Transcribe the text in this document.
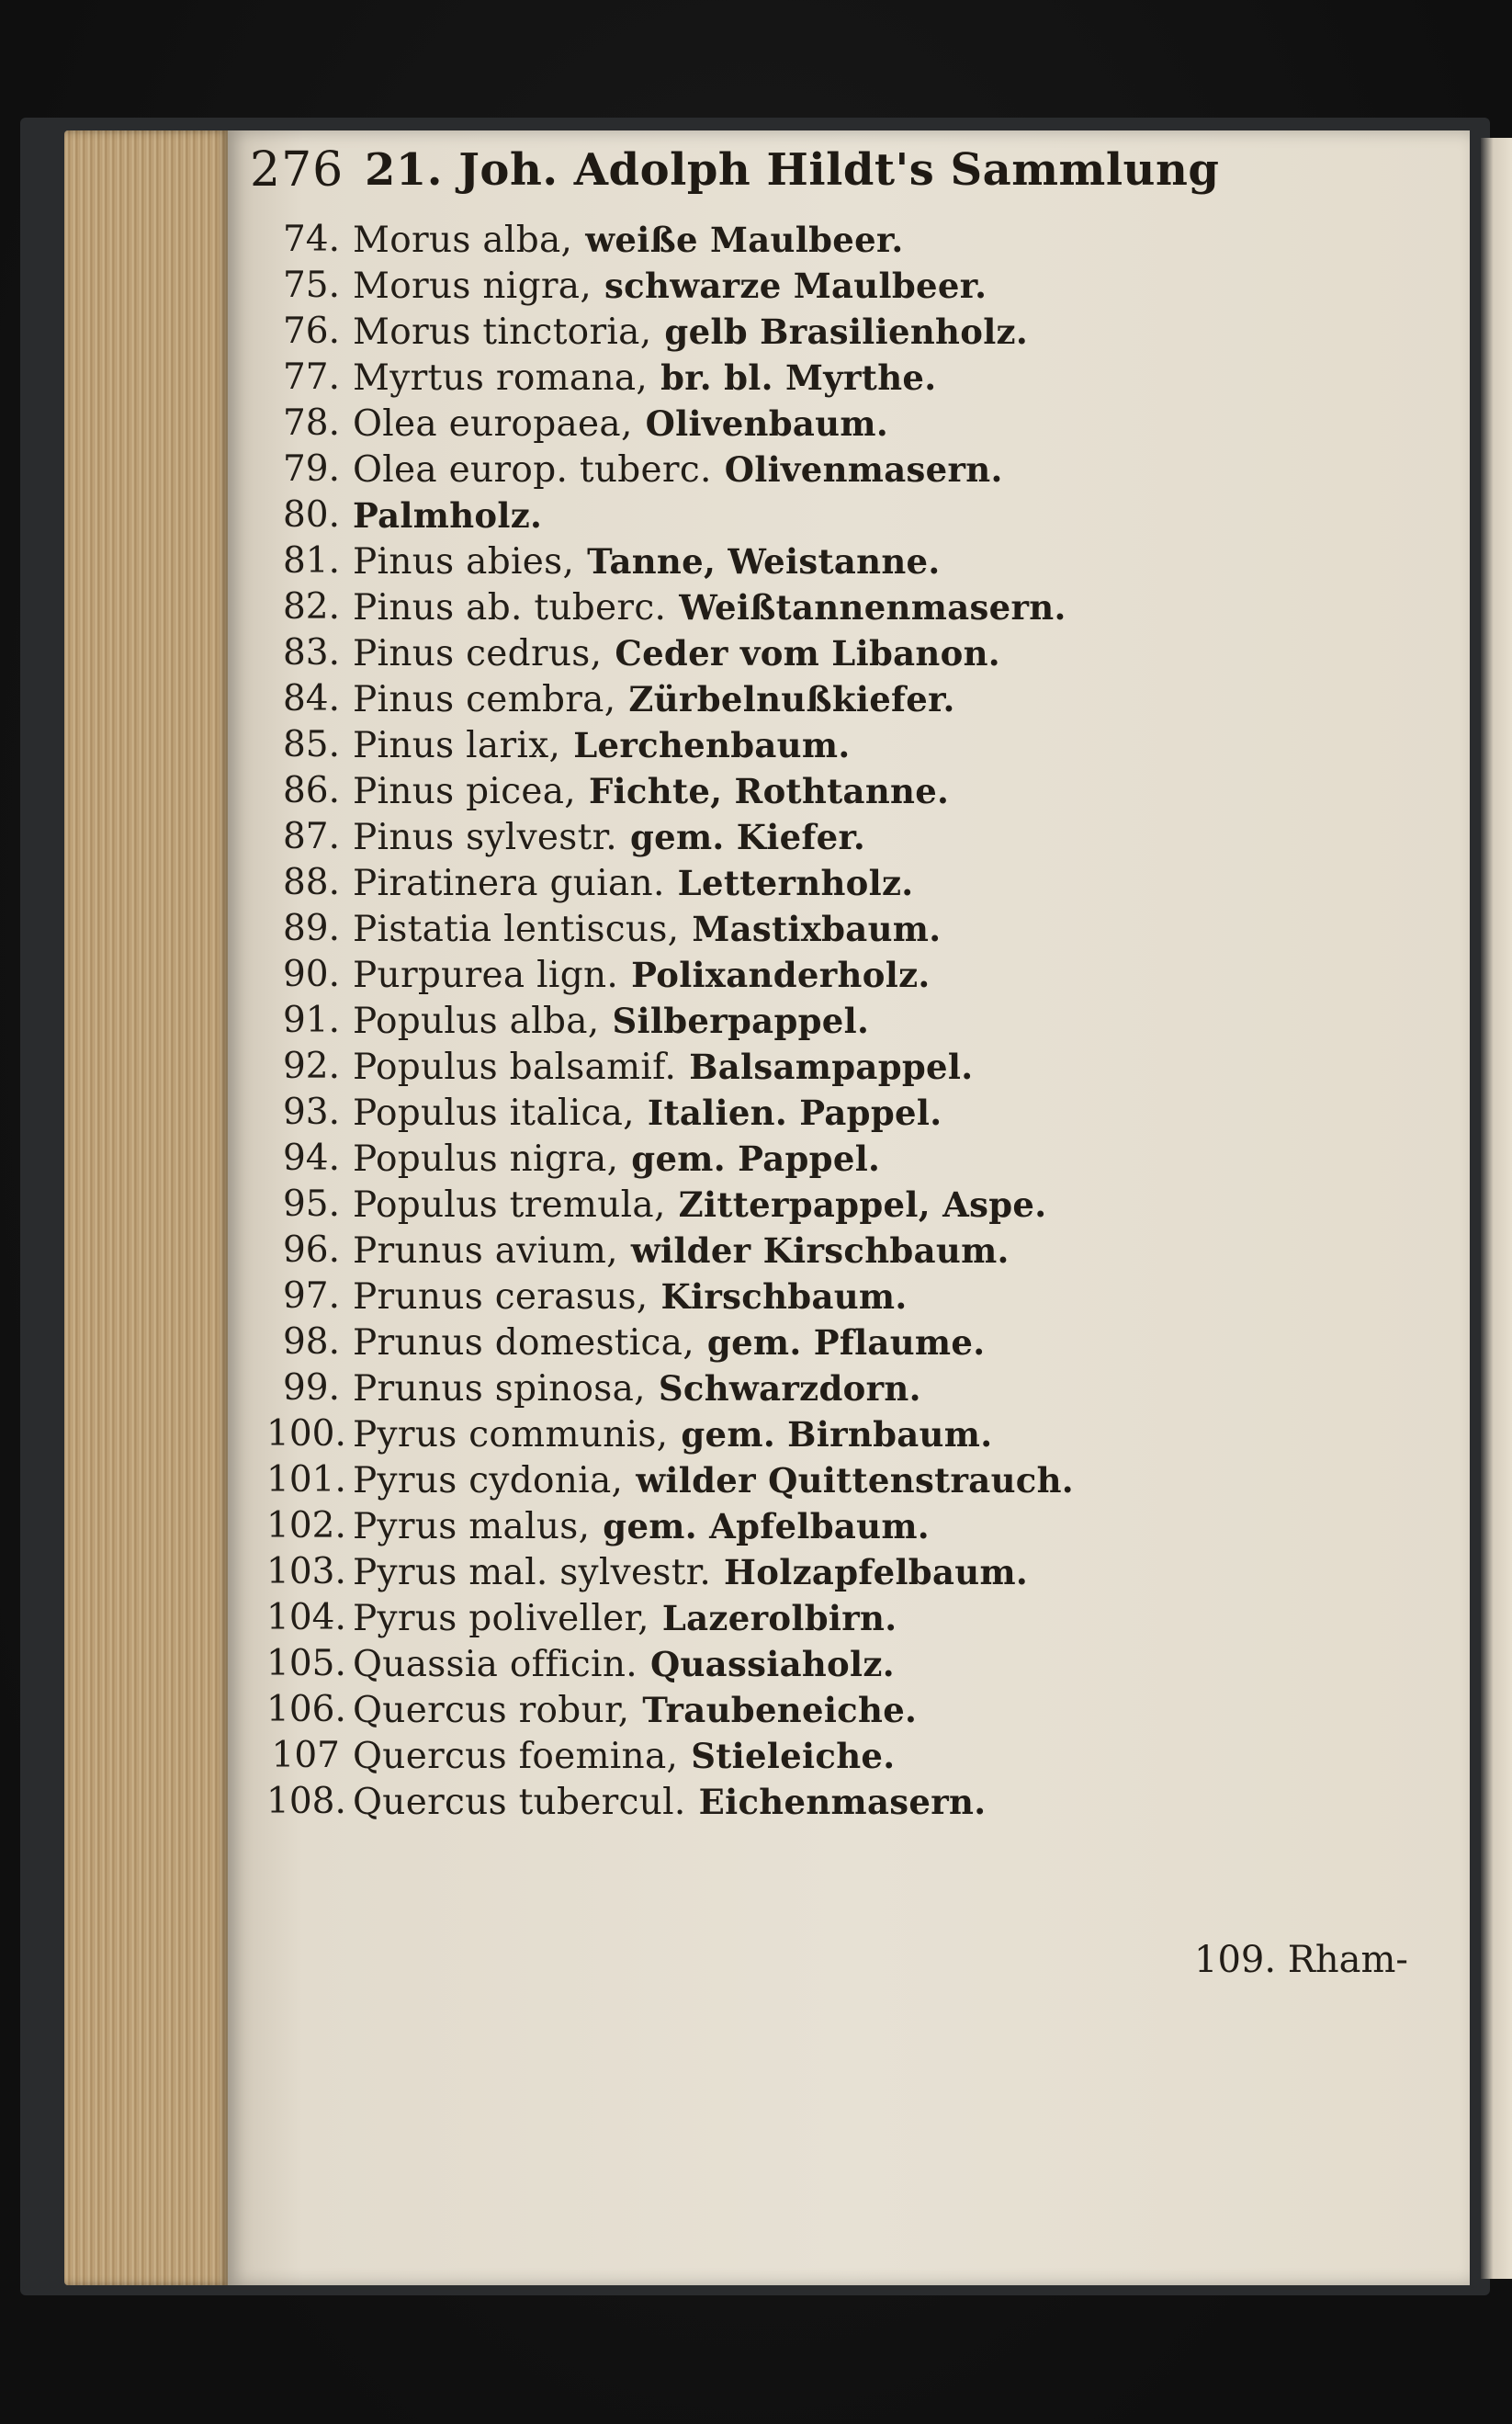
276 21. Joh. Adolph Hildt's Sammlung
74. Morus alba, weiße Maulbeer.
75. Morus nigra, schwarze Maulbeer.
76. Morus tinctoria, gelb Brasilienholz.
77. Myrtus romana, br. bl. Myrthe.
78. Olea europaea, Olivenbaum.
79. Olea europ. tuberc. Olivenmasern.
80. Palmholz.
81. Pinus abies, Tanne, Weistanne.
82. Pinus ab. tuberc. Weißtannenmasern.
83. Pinus cedrus, Ceder vom Libanon.
84. Pinus cembra, Zürbelnußkiefer.
85. Pinus larix, Lerchenbaum.
86. Pinus picea, Fichte, Rothtanne.
87. Pinus sylvestr. gem. Kiefer.
88. Piratinera guian. Letternholz.
89. Pistatia lentiscus, Mastixbaum.
90. Purpurea lign. Polixanderholz.
91. Populus alba, Silberpappel.
92. Populus balsamif. Balsampappel.
93. Populus italica, Italien. Pappel.
94. Populus nigra, gem. Pappel.
95. Populus tremula, Zitterpappel, Aspe.
96. Prunus avium, wilder Kirschbaum.
97. Prunus cerasus, Kirschbaum.
98. Prunus domestica, gem. Pflaume.
99. Prunus spinosa, Schwarzdorn.
100. Pyrus communis, gem. Birnbaum.
101. Pyrus cydonia, wilder Quittenstrauch.
102. Pyrus malus, gem. Apfelbaum.
103. Pyrus mal. sylvestr. Holzapfelbaum.
104. Pyrus poliveller, Lazerolbirn.
105. Quassia officin. Quassiaholz.
106. Quercus robur, Traubeneiche.
107 Quercus foemina, Stieleiche.
108. Quercus tubercul. Eichenmasern.
109. Rham-
